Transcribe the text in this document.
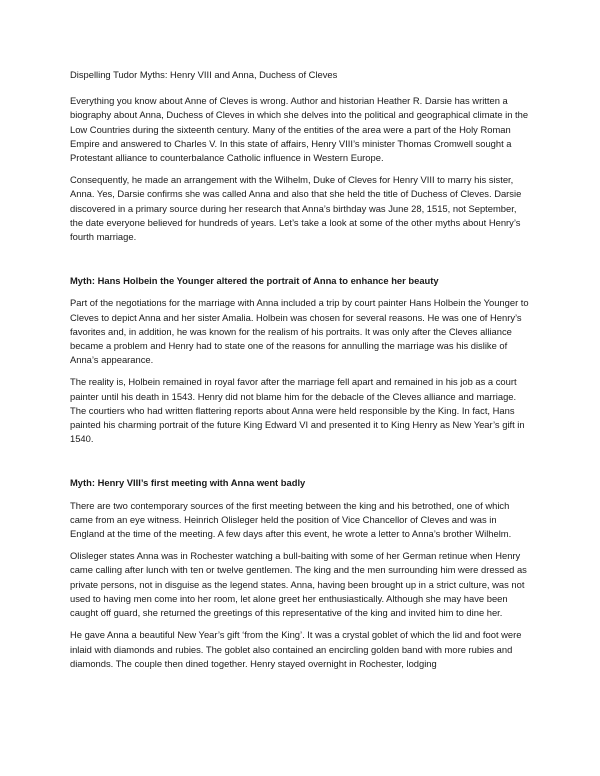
Dispelling Tudor Myths: Henry VIII and Anna, Duchess of Cleves

Everything you know about Anne of Cleves is wrong. Author and historian Heather R. Darsie has written a biography about Anna, Duchess of Cleves in which she delves into the political and geographical climate in the Low Countries during the sixteenth century. Many of the entities of the area were a part of the Holy Roman Empire and answered to Charles V. In this state of affairs, Henry VIII’s minister Thomas Cromwell sought a Protestant alliance to counterbalance Catholic influence in Western Europe.

Consequently, he made an arrangement with the Wilhelm, Duke of Cleves for Henry VIII to marry his sister, Anna. Yes, Darsie confirms she was called Anna and also that she held the title of Duchess of Cleves. Darsie discovered in a primary source during her research that Anna’s birthday was June 28, 1515, not September, the date everyone believed for hundreds of years. Let’s take a look at some of the other myths about Henry’s fourth marriage.

Myth: Hans Holbein the Younger altered the portrait of Anna to enhance her beauty

Part of the negotiations for the marriage with Anna included a trip by court painter Hans Holbein the Younger to Cleves to depict Anna and her sister Amalia. Holbein was chosen for several reasons. He was one of Henry’s favorites and, in addition, he was known for the realism of his portraits. It was only after the Cleves alliance became a problem and Henry had to state one of the reasons for annulling the marriage was his dislike of Anna’s appearance.

The reality is, Holbein remained in royal favor after the marriage fell apart and remained in his job as a court painter until his death in 1543. Henry did not blame him for the debacle of the Cleves alliance and marriage. The courtiers who had written flattering reports about Anna were held responsible by the King. In fact, Hans painted his charming portrait of the future King Edward VI and presented it to King Henry as New Year’s gift in 1540.

Myth: Henry VIII’s first meeting with Anna went badly

There are two contemporary sources of the first meeting between the king and his betrothed, one of which came from an eye witness. Heinrich Olisleger held the position of Vice Chancellor of Cleves and was in England at the time of the meeting. A few days after this event, he wrote a letter to Anna’s brother Wilhelm.

Olisleger states Anna was in Rochester watching a bull-baiting with some of her German retinue when Henry came calling after lunch with ten or twelve gentlemen. The king and the men surrounding him were dressed as private persons, not in disguise as the legend states. Anna, having been brought up in a strict culture, was not used to having men come into her room, let alone greet her enthusiastically. Although she may have been caught off guard, she returned the greetings of this representative of the king and invited him to dine her.

He gave Anna a beautiful New Year’s gift ‘from the King’. It was a crystal goblet of which the lid and foot were inlaid with diamonds and rubies. The goblet also contained an encircling golden band with more rubies and diamonds. The couple then dined together. Henry stayed overnight in Rochester, lodging
